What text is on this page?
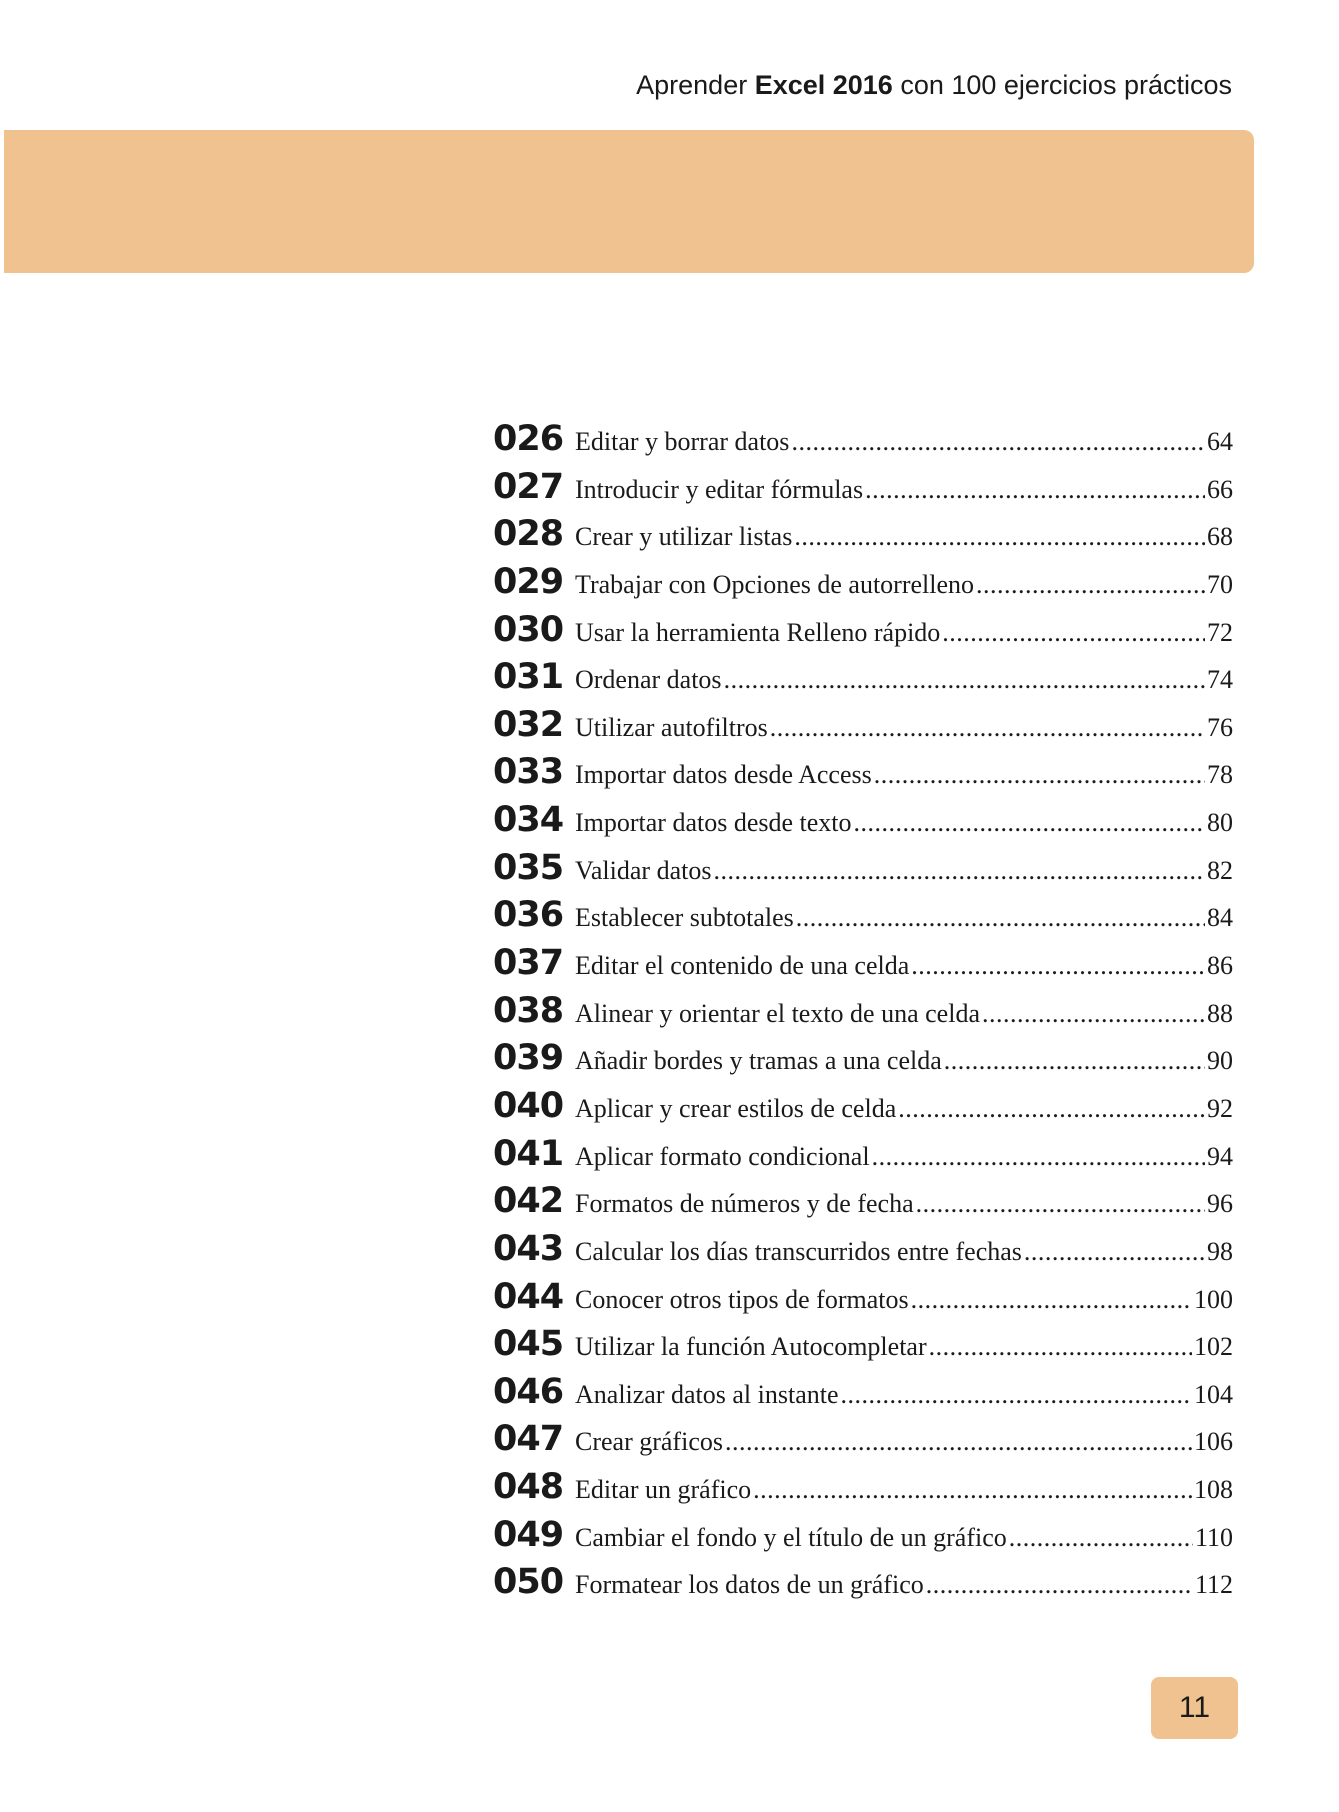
Aprender Excel 2016 con 100 ejercicios prácticos
026 Editar y borrar datos .....	64
027 Introducir y editar fórmulas .....	66
028 Crear y utilizar listas .....	68
029 Trabajar con Opciones de autorrelleno .....	70
030 Usar la herramienta Relleno rápido .....	72
031 Ordenar datos .....	74
032 Utilizar autofiltros .....	76
033 Importar datos desde Access .....	78
034 Importar datos desde texto .....	80
035 Validar datos .....	82
036 Establecer subtotales .....	84
037 Editar el contenido de una celda .....	86
038 Alinear y orientar el texto de una celda .....	88
039 Añadir bordes y tramas a una celda .....	90
040 Aplicar y crear estilos de celda .....	92
041 Aplicar formato condicional .....	94
042 Formatos de números y de fecha .....	96
043 Calcular los días transcurridos entre fechas .....	98
044 Conocer otros tipos de formatos .....	100
045 Utilizar la función Autocompletar .....	102
046 Analizar datos al instante .....	104
047 Crear gráficos .....	106
048 Editar un gráfico .....	108
049 Cambiar el fondo y el título de un gráfico .....	110
050 Formatear los datos de un gráfico .....	112
11
